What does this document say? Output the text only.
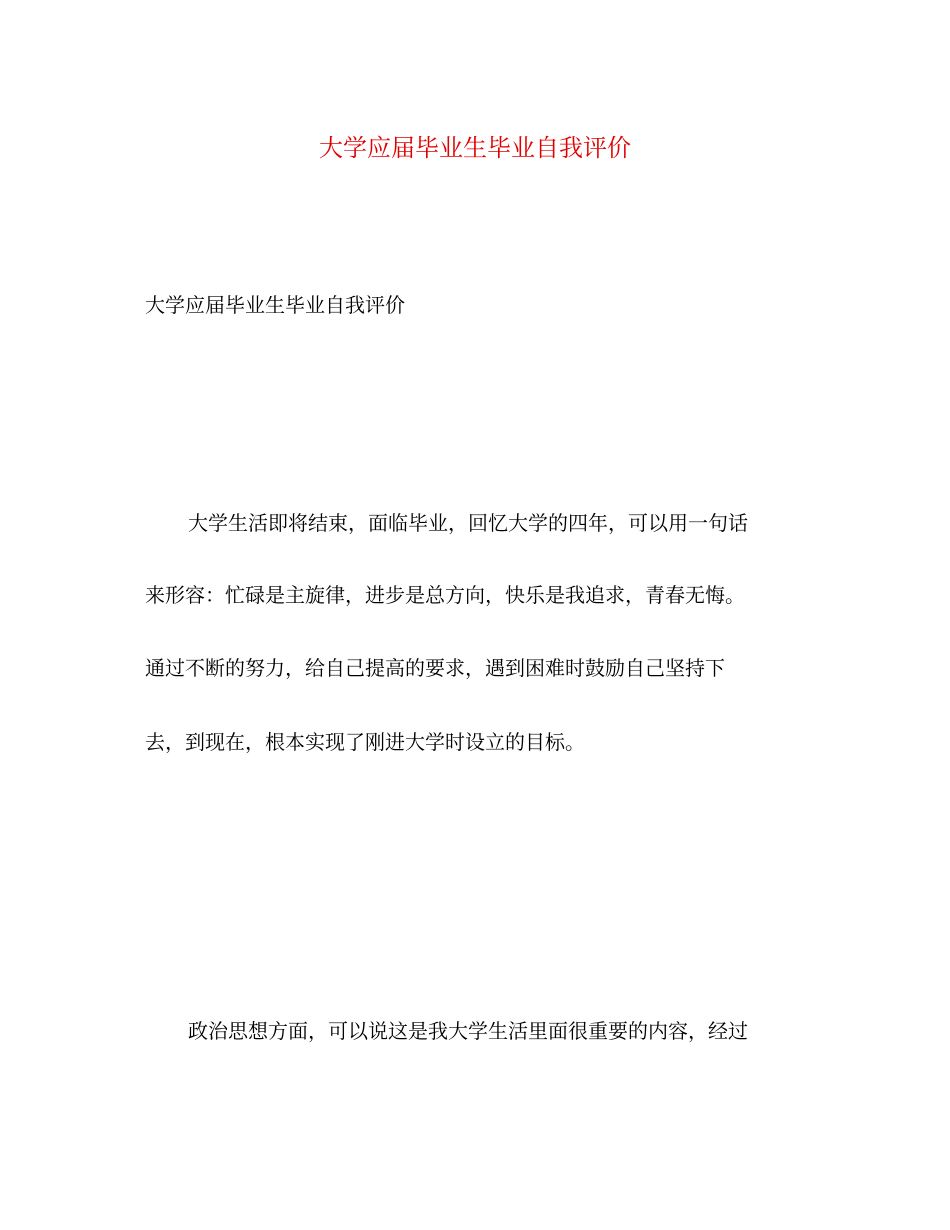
大学应届毕业生毕业自我评价
大学应届毕业生毕业自我评价
大学生活即将结束，面临毕业，回忆大学的四年，可以用一句话
来形容：忙碌是主旋律，进步是总方向，快乐是我追求，青春无悔。
通过不断的努力，给自己提高的要求，遇到困难时鼓励自己坚持下
去，到现在，根本实现了刚进大学时设立的目标。
政治思想方面，可以说这是我大学生活里面很重要的内容，经过
